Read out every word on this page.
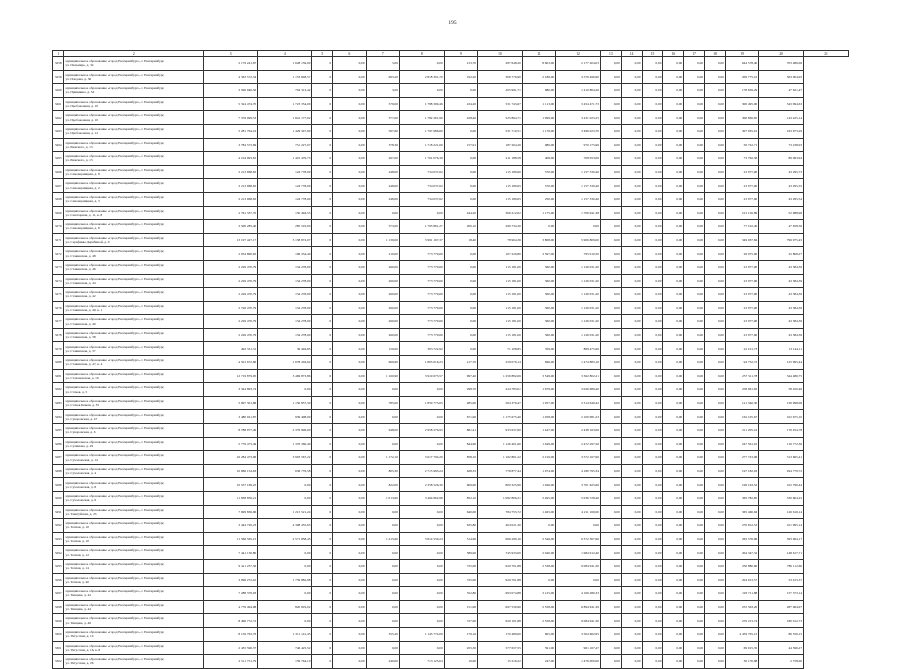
195
1	2	3	4	5	6	7	8	9	10	11	12	13	14	15	16	17	18	19	20	21
3258	муниципальное образование «город Екатеринбург», г. Екатеринбург,
ул. Пальмиро, д. 34	2 179 241,87	1 628 159,00	0	0,00	3,06	0,00	213,70	287 648,20	8 603,00	2 177 204,03	0,00	0,00	0,00	0,00	0,00	0,00	644 578,40	703 486,06	
3259	муниципальное образование «город Екатеринбург», г. Екатеринбург,
ул. Плодова, д. 36	4 363 572,34	1 153 848,57	0	0,00	993,20	2 818 301,70	192,20	306 776,90	2 186,00	3 579 496,90	0,00	0,00	0,00	0,00	0,00	0,00	209 775,10	363 004,95	
3260	муниципальное образование «город Екатеринбург», г. Екатеринбург,
ул. Пришвина, д. 34	2 590 946,56	704 312,42	0	0,00	3,06	0,00	0,00	205 991,71	986,00	1 410 864,26	0,00	0,00	0,00	0,00	0,00	0,00	178 639,29	47 621,47	
3261	муниципальное образование «город Екатеринбург», г. Екатеринбург,
ул. Пробоконная, д. 10	5 324 474,70	1 723 354,00	0	0,00	579,00	1 788 390,46	434,20	531 743,67	1 113,00	3 454 471,73	0,00	0,00	0,00	0,00	0,00	0,00	300 495,00	343 994,63	
3262	муниципальное образование «город Екатеринбург», г. Екатеринбург,
ул. Пробоконная, д. 10	7 376 099,53	1 841 177,02	0	0,00	577,00	1 782 261,90	428,40	525 864,71	1 099,00	3 431 023,25	0,00	0,00	0,00	0,00	0,00	0,00	300 836,65	143 425,14	
3263	муниципальное образование «город Екатеринбург», г. Екатеринбург,
ул. Пробоконная, д. 12	5 281 794,16	1 429 347,90	0	0,00	567,60	1 797 686,60	0,00	531 710,51	1 176,00	3 496 023,70	0,00	0,00	0,00	0,00	0,00	0,00	307 935,01	163 973,29	
3264	муниципальное образование «город Екатеринбург», г. Екатеринбург,
ул. Рижского, д. 13	3 784 573,69	751 227,07	0	0,00	378,36	1 718 221,60	157,91	187 204,26	986,00	970 175,96	0,00	0,00	0,00	0,00	0,00	0,00	50 722,71	73 238,03	
3265	муниципальное образование «город Екатеринбург», г. Екатеринбург,
ул. Рижского, д. 13	4 104 993,81	1 410 476,73	0	0,00	267,00	1 761 076,39	0,00	211 188,58	408,00	708 053,06	0,00	0,00	0,00	0,00	0,00	0,00	73 762,36	89 063,94	
3266	муниципальное образование «город Екатеринбург», г. Екатеринбург,
ул. Самоварницкая, д. 8	2 213 968,65	124 778,00	0	0,00	248,00	734 037,62	0,00	115 180,60	570,00	1 157 330,40	0,00	0,00	0,00	0,00	0,00	0,00	23 077,00	43 295,73	
3267	муниципальное образование «город Екатеринбург», г. Екатеринбург,
ул. Самоварницкая, д. 2	2 213 968,65	124 778,00	0	0,00	248,00	734 037,62	0,00	115 180,65	570,00	1 157 330,40	0,00	0,00	0,00	0,00	0,00	0,00	23 077,00	43 295,55	
3268	муниципальное образование «город Екатеринбург», г. Екатеринбург,
ул. Самоварницкая, д. 3	2 213 968,65	124 778,00	0	0,00	248,00	734 037,62	0,00	115 180,65	250,00	1 157 330,40	0,00	0,00	0,00	0,00	0,00	0,00	23 077,00	43 295,54	
3269	муниципальное образование «город Екатеринбург», г. Екатеринбург,
ул. Санаторная, д. 11, к. 8	2 761 337,70	150 494,53	0	0,00	0,00	0,00	444,20	306 212,02	1 175,00	1 706 941,38	0,00	0,00	0,00	0,00	0,00	0,00	101 156,89	52 988,96	
3270	муниципальное образование «город Екатеринбург», г. Екатеринбург,
ул. Самоварницкая, д. 8	2 500 285,40	285 519,00	0	0,00	573,00	1 793 861,27	200,10	290 734,30	0,00	0,00	0,00	0,00	0,00	0,00	0,00	0,00	77 102,40	47 658,56	
3271	муниципальное образование «город Екатеринбург», г. Екатеринбург,
ул. Серафимы Дерябиной, д. 9	13 197 427,17	3 158 872,07	0	0,00	1 139,00	3 991 167,37	18,40	78 904,36	3 808,00	5 906 809,00	0,00	0,00	0,00	0,00	0,00	0,00	349 037,84	796 975,45	
3272	муниципальное образование «город Екатеринбург», г. Екатеринбург,
ул. Ставинская, д. 48	2 034 890,65	106 334,40	0	0,00	210,00	773 779,60	0,00	107 220,80	3 397,00	795 010,50	0,00	0,00	0,00	0,00	0,00	0,00	26 075,00	25 808,27	
3273	муниципальное образование «город Екатеринбург», г. Екатеринбург,
ул. Ставинская, д. 46	2 226 470,79	134 278,00	0	0,00	260,00	773 779,60	0,00	115 181,00	560,00	1 126 031,20	0,00	0,00	0,00	0,00	0,00	0,00	23 077,00	43 384,39	
3274	муниципальное образование «город Екатеринбург», г. Екатеринбург,
ул. Ставинская, д. 44	2 226 470,79	134 278,00	0	0,00	260,00	773 779,60	0,00	115 181,00	560,00	1 126 031,20	0,00	0,00	0,00	0,00	0,00	0,00	23 077,00	43 384,39	
3275	муниципальное образование «город Екатеринбург», г. Екатеринбург,
ул. Ставинская, д. 42	2 226 470,79	134 278,00	0	0,00	260,00	773 779,60	0,00	115 181,00	560,00	1 126 031,20	0,00	0,00	0,00	0,00	0,00	0,00	23 077,00	43 384,39	
3276	муниципальное образование «город Екатеринбург», г. Екатеринбург,
ул. Ставинская, д. 40, к. 1	2 726 470,79	134 278,00	0	0,00	260,00	773 779,60	0,00	115 181,00	560,00	1 126 031,20	0,00	0,00	0,00	0,00	0,00	0,00	23 077,00	43 384,39	
3277	муниципальное образование «город Екатеринбург», г. Екатеринбург,
ул. Ставинская, д. 40	2 226 470,79	134 278,00	0	0,00	260,00	773 779,60	0,00	115 181,00	560,00	1 126 031,20	0,00	0,00	0,00	0,00	0,00	0,00	23 077,00	43 384,39	
3278	муниципальное образование «город Екатеринбург», г. Екатеринбург,
ул. Ставинская, д. 38	2 226 470,79	134 278,00	0	0,00	260,00	773 779,60	0,00	115 181,00	560,00	1 126 031,20	0,00	0,00	0,00	0,00	0,00	0,00	23 077,00	43 384,39	
3279	муниципальное образование «город Екатеринбург», г. Екатеринбург,
ул. Ставинская, д. 37	492 331,31	39 494,85	0	0,00	159,00	303 722,92	0,00	71 108,85	359,00	869 475,66	0,00	0,00	0,00	0,00	0,00	0,00	22 101,73	13 144,11	
3280	муниципальное образование «город Екатеринбург», г. Екатеринбург,
ул. Ставинская, д. 47, к. 4	4 501 672,66	1 678 294,62	0	0,00	669,60	1 803 016,23	217,70	259 079,14	846,00	1 474 883,16	0,00	0,00	0,00	0,00	0,00	0,00	94 732,72	125 995,44	
3281	муниципальное образование «город Екатеринбург», г. Екатеринбург,
ул. Стахановская, д. 16	12 719 879,95	3 469 873,86	0	0,00	1 160,90	3 919 673,57	997,40	1 259 882,06	3 549,00	3 362 802,21	0,00	0,00	0,00	0,00	0,00	0,00	257 311,78	344 486,75	
3282	муниципальное образование «город Екатеринбург», г. Екатеринбург,
ул. Стачек, д. 5	3 344 893,74	0,00	0	0,00	0,00	0,00	298,70	224 783,01	1 679,00	3 026 689,40	0,00	0,00	0,00	0,00	0,00	0,00	258 961,65	58 450,46	
3283	муниципальное образование «город Екатеринбург», г. Екатеринбург,
ул. Стачек Кевеш, д. 35	5 997 301,86	1 150 857,30	0	0,00	785,00	1 850 773,65	485,00	564 379,47	1 057,00	2 314 649,42	0,00	0,00	0,00	0,00	0,00	0,00	121 346,30	156 998,06	
3284	муниципальное образование «город Екатеринбург», г. Екатеринбург,
ул. Суворовская, д. 47	3 480 021,87	939 498,00	0	0,00	0,00	0,00	671,00	1 175 675,40	1 058,00	2 100 981,23	0,00	0,00	0,00	0,00	0,00	0,00	162 105,67	102 675,10	
3285	муниципальное образование «город Екатеринбург», г. Екатеринбург,
ул. Суворовская, д. 6	8 788 977,49	2 376 996,00	0	0,00	948,00	2 958 276,95	861,41	933 637,60	1 447,00	2 438 163,06	0,00	0,00	0,00	0,00	0,00	0,00	211 205,16	170 454,78	
3286	муниципальное образование «город Екатеринбург», г. Екатеринбург,
ул. Сулимова, д. 29	5 776 473,49	1 376 360,40	0	0,00	0,00	0,00	844,60	1 126 401,60	1 649,00	2 472 297,56	0,00	0,00	0,00	0,00	0,00	0,00	247 561,91	116 772,36	
3287	муниципальное образование «город Екатеринбург», г. Екатеринбург,
ул. Сухоложская, д. 14	16 284 473,96	3 903 567,22	0	0,00	1 172,10	3 617 704,20	858,10	1 162 861,22	2 216,00	3 572 167,96	0,00	0,00	0,00	0,00	0,00	0,00	277 723,96	313 665,41	
3288	муниципальное образование «город Екатеринбург», г. Екатеринбург,
ул. Сухоложская, д. 4	10 866 154,63	636 776,58	0	0,00	805,30	2 715 993,24	628,35	778 877,44	1 974,00	4 180 795,34	0,00	0,00	0,00	0,00	0,00	0,00	197 182,03	294 779,72	
3289	муниципальное образование «город Екатеринбург», г. Екатеринбург,
ул. Сухоложская, д. 8	10 537 169,25	0,00	0	0,00	822,00	2 358 526,30	609,00	800 325,96	1 946,00	3 701 625,66	0,00	0,00	0,00	0,00	0,00	0,00	196 163,52	102 790,44	
3290	муниципальное образование «город Екатеринбург», г. Екатеринбург,
ул. Сухоложская, д. 6	11 838 859,21	0,00	0	0,00	1 013,60	3 494 662,98	852,10	1 082 806,21	2 495,00	5 036 728,46	0,00	0,00	0,00	0,00	0,00	0,00	365 782,85	350 604,25	
3291	муниципальное образование «город Екатеринбург», г. Екатеринбург,
ул. Таватуйская, д. 23	7 699 836,96	1 215 521,24	0	0,00	0,00	0,00	640,00	784 755,72	1 465,00	4 211 160,00	0,00	0,00	0,00	0,00	0,00	0,00	365 460,94	126 616,14	
3292	муниципальное образование «город Екатеринбург», г. Екатеринбург,
ул. Теплая, д. 10	3 444 720,23	4 308 455,65	0	0,00	0,00	0,00	635,80	404 021,30	0,00	0,00	0,00	0,00	0,00	0,00	0,00	0,00	270 812,53	101 995,14	
3293	муниципальное образование «город Екатеринбург», г. Екатеринбург,
ул. Теплая, д. 10	11 566 565,15	2 571 858,45	0	0,00	1 415,60	3 814 559,24	514,60	966 299,16	2 546,00	6 372 367,96	0,00	0,00	0,00	0,00	0,00	0,00	265 576,96	393 064,17	
3294	муниципальное образование «город Екатеринбург», г. Екатеринбург,
ул. Теплая, д. 12	7 441 136,80	0,00	0	0,00	0,00	0,00	589,00	745 933,00	2 040,00	1 984 912,40	0,00	0,00	0,00	0,00	0,00	0,00	204 347,32	148 617,71	
3295	муниципальное образование «город Екатеринбург», г. Екатеринбург,
ул. Теплая, д. 14	9 411 257,56	0,00	0	0,00	0,00	0,00	725,00	920 701,88	2 538,00	9 084 941,30	0,00	0,00	0,00	0,00	0,00	0,00	256 880,60	780 112,60	
3296	муниципальное образование «город Екатеринбург», г. Екатеринбург,
ул. Теплая, д. 40	3 096 272,91	1 759 882,98	0	0,00	0,00	0,00	725,00	920 701,88	0,00	0,00	0,00	0,00	0,00	0,00	0,00	0,00	204 913,57	53 013,37	
3297	муниципальное образование «город Екатеринбург», г. Екатеринбург,
ул. Тинцева, д. 42	7 288 379,93	0,00	0	0,00	0,00	0,00	552,80	693 074,88	3 125,00	4 169 280,33	0,00	0,00	0,00	0,00	0,00	0,00	193 711,88	157 373,14	
3298	муниципальное образование «город Екатеринбург», г. Екатеринбург,
ул. Тинцева, д. 44	4 776 494,98	820 819,02	0	0,00	0,00	0,00	151,90	697 530,90	2 558,00	6 894 941,39	0,00	0,00	0,00	0,00	0,00	0,00	255 563,20	287 064,97	
3299	муниципальное образование «город Екатеринбург», г. Екатеринбург,
ул. Тинцева, д. 46	8 496 772,72	0,00	0	0,00	0,00	0,00	727,00	920 101,88	2 558,00	9 084 941,30	0,00	0,00	0,00	0,00	0,00	0,00	270 213,74	180 012,73	
3300	муниципальное образование «город Екатеринбург», г. Екатеринбург,
ул. Уктусская, д. 10	8 159 763,76	1 311 141,43	0	0,00	355,20	1 143 774,09	179,16	170 489,00	605,00	3 504 662,95	0,00	0,00	0,00	0,00	0,00	0,00	4 459 705,15	86 556,15	
3301	муниципальное образование «город Екатеринбург», г. Екатеринбург,
ул. Уктусская, д. 16, к. 8	2 435 596,37	746 425,52	0	0,00	0,00	0,00	455,30	577 637,55	591,00	961 167,47	0,00	0,00	0,00	0,00	0,00	0,00	69 015,35	44 596,27	
3302	муниципальное образование «город Екатеринбург», г. Екатеринбург,
ул. Уктусская, д. 26	2 511 751,79	159 764,10	0	0,00	240,00	713 125,04	10,00	15 216,22	247,00	1 476 000,00	0,00	0,00	0,00	0,00	0,00	0,00	30 170,98	2 758,00	
